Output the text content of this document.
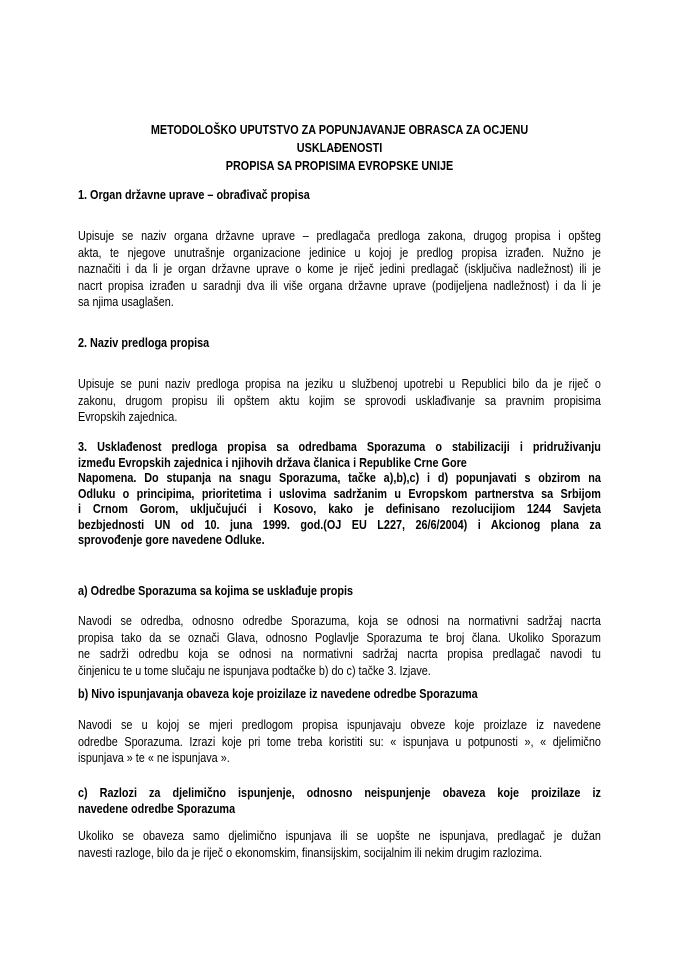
METODOLOŠKO UPUTSTVO ZA POPUNJAVANJE OBRASCA ZA OCJENU USKLAĐENOSTI
PROPISA SA PROPISIMA EVROPSKE UNIJE
1. Organ državne uprave – obrađivač propisa
Upisuje se naziv organa državne uprave – predlagača predloga zakona, drugog propisa i opšteg
akta, te njegove unutrašnje organizacione jedinice u kojoj je predlog propisa izrađen. Nužno je
naznačiti i da li je organ državne uprave o kome je riječ jedini predlagač (isključiva nadležnost) ili je
nacrt propisa izrađen u saradnji dva ili više organa državne uprave (podijeljena nadležnost) i da li je
sa njima usaglašen.
2. Naziv predloga propisa
Upisuje se puni naziv predloga propisa na jeziku u službenoj upotrebi u Republici bilo da je riječ o
zakonu, drugom propisu ili opštem aktu kojim se sprovodi usklađivanje sa pravnim propisima
Evropskih zajednica.
3. Usklađenost predloga propisa sa odredbama Sporazuma o stabilizaciji i pridruživanju
između Evropskih zajednica i njihovih država članica i Republike Crne Gore
Napomena. Do stupanja na snagu Sporazuma, tačke a),b),c) i d) popunjavati s obzirom na
Odluku o principima, prioritetima i uslovima sadržanim u Evropskom partnerstva sa Srbijom
i Crnom Gorom, uključujući i Kosovo, kako je definisano rezolucijiom 1244 Savjeta
bezbjednosti UN od 10. juna 1999. god.(OJ EU L227, 26/6/2004) i Akcionog plana za
sprovođenje gore navedene Odluke.
a) Odredbe Sporazuma sa kojima se usklađuje propis
Navodi se odredba, odnosno odredbe Sporazuma, koja se odnosi na normativni sadržaj nacrta
propisa tako da se označi Glava, odnosno Poglavlje Sporazuma te broj člana. Ukoliko Sporazum
ne sadrži odredbu koja se odnosi na normativni sadržaj nacrta propisa predlagač navodi tu
činjenicu te u tome slučaju ne ispunjava podtačke b) do c) tačke 3. Izjave.
b) Nivo ispunjavanja obaveza koje proizilaze iz navedene odredbe Sporazuma
Navodi se u kojoj se mjeri predlogom propisa ispunjavaju obveze koje proizlaze iz navedene
odredbe Sporazuma. Izrazi koje pri tome treba koristiti su: « ispunjava u potpunosti », « djelimično
ispunjava » te « ne ispunjava ».
c) Razlozi za djelimično ispunjenje, odnosno neispunjenje obaveza koje proizilaze iz
navedene odredbe Sporazuma
Ukoliko se obaveza samo djelimično ispunjava ili se uopšte ne ispunjava, predlagač je dužan
navesti razloge, bilo da je riječ o ekonomskim, finansijskim, socijalnim ili nekim drugim razlozima.
